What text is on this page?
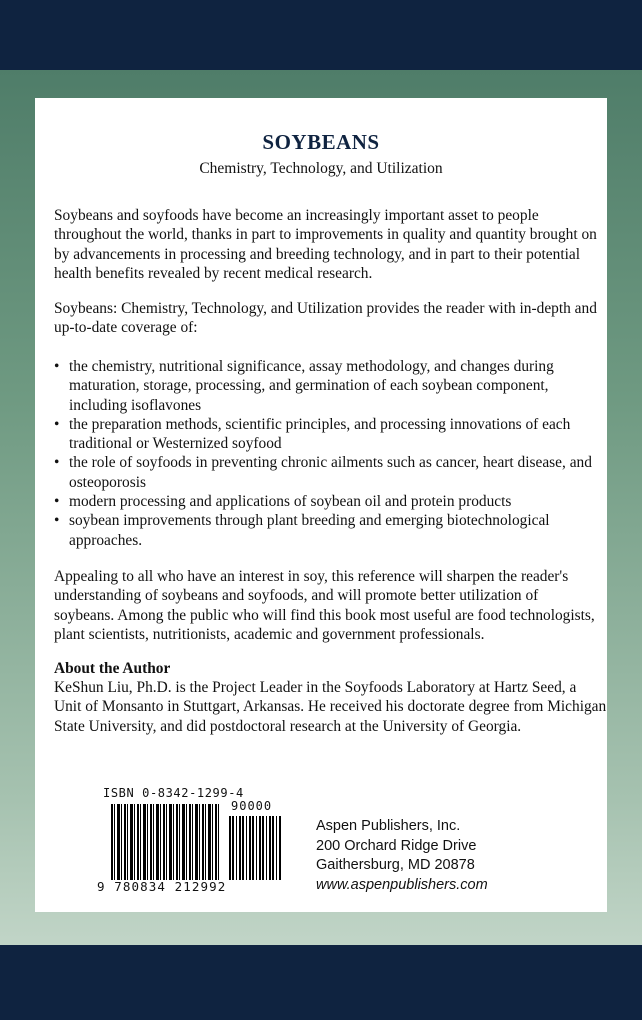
SOYBEANS
Chemistry, Technology, and Utilization

Soybeans and soyfoods have become an increasingly important asset to people throughout the world, thanks in part to improvements in quality and quantity brought on by advancements in processing and breeding technology, and in part to their potential health benefits revealed by recent medical research.

Soybeans: Chemistry, Technology, and Utilization provides the reader with in-depth and up-to-date coverage of:

• the chemistry, nutritional significance, assay methodology, and changes during maturation, storage, processing, and germination of each soybean component, including isoflavones
• the preparation methods, scientific principles, and processing innovations of each traditional or Westernized soyfood
• the role of soyfoods in preventing chronic ailments such as cancer, heart disease, and osteoporosis
• modern processing and applications of soybean oil and protein products
• soybean improvements through plant breeding and emerging biotechnological approaches.

Appealing to all who have an interest in soy, this reference will sharpen the reader's understanding of soybeans and soyfoods, and will promote better utilization of soybeans. Among the public who will find this book most useful are food technologists, plant scientists, nutritionists, academic and government professionals.

About the Author

KeShun Liu, Ph.D. is the Project Leader in the Soyfoods Laboratory at Hartz Seed, a Unit of Monsanto in Stuttgart, Arkansas. He received his doctorate degree from Michigan State University, and did postdoctoral research at the University of Georgia.

ISBN 0-8342-1299-4
90000
9 780834 212992
Aspen Publishers, Inc.
200 Orchard Ridge Drive
Gaithersburg, MD 20878
www.aspenpublishers.com
